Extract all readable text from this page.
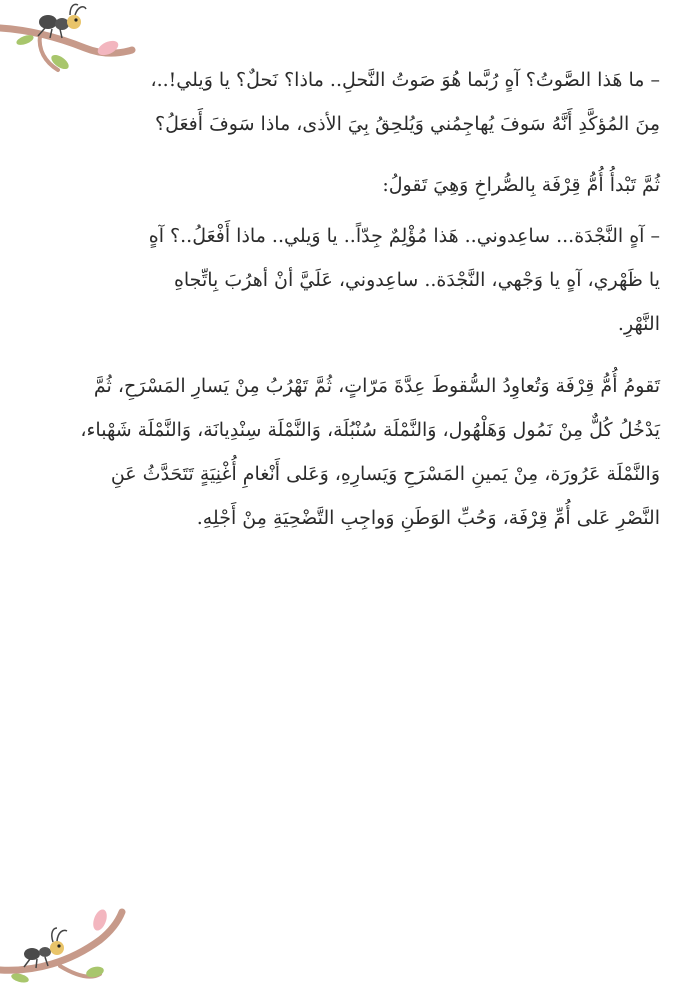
– ما هَذا الصَّوتُ؟ آهٍ رُبَّما هُوَ صَوتُ النَّحلِ.. ماذا؟ نَحلٌ؟ يا وَيلي!..،
مِنَ المُؤكَّدِ أَنَّهُ سَوفَ يُهاجِمُني وَيُلحِقُ بِيَ الأذى، ماذا سَوفَ أَفعَلُ؟
ثُمَّ تَبْدأُ أُمُّ قِرْفَة بِالصُّراخِ وَهِيَ تَقولُ:
– آهٍ النَّجْدَة... ساعِدوني.. هَذا مُؤْلِمٌ جِدّاً.. يا وَيلي.. ماذا أَفْعَلُ..؟ آهٍ
يا ظَهْري، آهٍ يا وَجْهي، النَّجْدَة.. ساعِدوني، عَلَيَّ أنْ أهرُبَ بِاتِّجاهِ
النَّهْرِ.
تَقومُ أُمُّ قِرْفَة وَتُعاوِدُ السُّقوطَ عِدَّةَ مَرّاتٍ، ثُمَّ تَهْرُبُ مِنْ يَسارِ المَسْرَحِ، ثُمَّ
يَدْخُلُ كُلٌّ مِنْ نَمُول وَهَلْهُول، وَالنَّمْلَة سُنْبُلَة، وَالنَّمْلَة سِنْدِيانَة، وَالنَّمْلَة شَهْباء،
وَالنَّمْلَة عَرُورَة، مِنْ يَمينِ المَسْرَحِ وَيَسارِهِ، وَعَلى أَنْغامِ أُغْنِيَةٍ تَتَحَدَّثُ عَنِ
النَّصْرِ عَلى أُمِّ قِرْفَة، وَحُبِّ الوَطَنِ وَواجِبِ التَّضْحِيَةِ مِنْ أَجْلِهِ.
